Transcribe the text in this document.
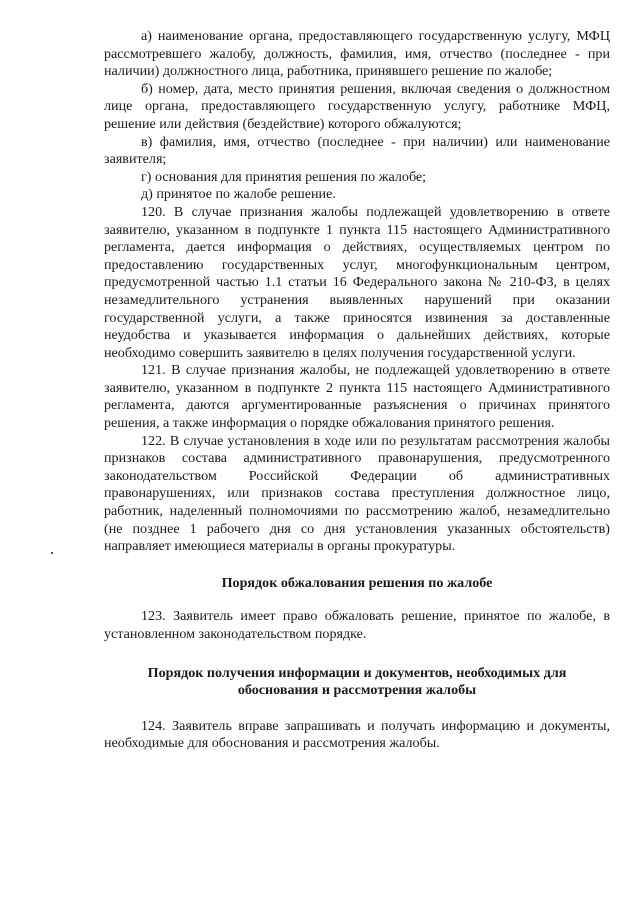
а) наименование органа, предоставляющего государственную услугу, МФЦ рассмотревшего жалобу, должность, фамилия, имя, отчество (последнее - при наличии) должностного лица, работника, принявшего решение по жалобе;

б) номер, дата, место принятия решения, включая сведения о должностном лице органа, предоставляющего государственную услугу, работнике МФЦ, решение или действия (бездействие) которого обжалуются;

в) фамилия, имя, отчество (последнее - при наличии) или наименование заявителя;

г) основания для принятия решения по жалобе;

д) принятое по жалобе решение.

120. В случае признания жалобы подлежащей удовлетворению в ответе заявителю, указанном в подпункте 1 пункта 115 настоящего Административного регламента, дается информация о действиях, осуществляемых центром по предоставлению государственных услуг, многофункциональным центром, предусмотренной частью 1.1 статьи 16 Федерального закона № 210-ФЗ, в целях незамедлительного устранения выявленных нарушений при оказании государственной услуги, а также приносятся извинения за доставленные неудобства и указывается информация о дальнейших действиях, которые необходимо совершить заявителю в целях получения государственной услуги.

121. В случае признания жалобы, не подлежащей удовлетворению в ответе заявителю, указанном в подпункте 2 пункта 115 настоящего Административного регламента, даются аргументированные разъяснения о причинах принятого решения, а также информация о порядке обжалования принятого решения.

122. В случае установления в ходе или по результатам рассмотрения жалобы признаков состава административного правонарушения, предусмотренного законодательством Российской Федерации об административных правонарушениях, или признаков состава преступления должностное лицо, работник, наделенный полномочиями по рассмотрению жалоб, незамедлительно (не позднее 1 рабочего дня со дня установления указанных обстоятельств) направляет имеющиеся материалы в органы прокуратуры.

Порядок обжалования решения по жалобе

123. Заявитель имеет право обжаловать решение, принятое по жалобе, в установленном законодательством порядке.

Порядок получения информации и документов, необходимых для

обоснования и рассмотрения жалобы

124. Заявитель вправе запрашивать и получать информацию и документы, необходимые для обоснования и рассмотрения жалобы.
